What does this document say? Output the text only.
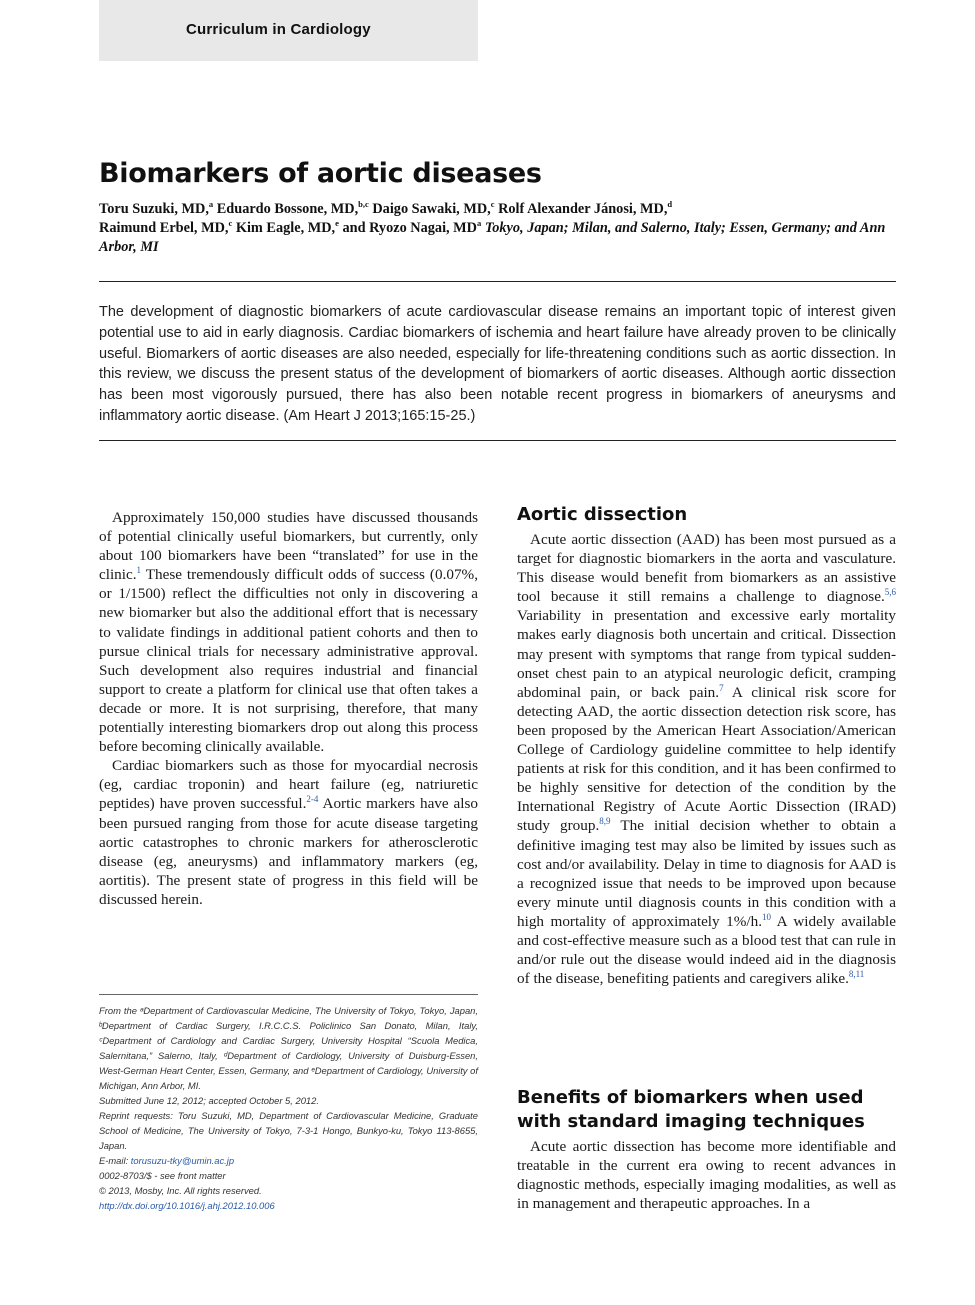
Curriculum in Cardiology
Biomarkers of aortic diseases
Toru Suzuki, MD,$^a$ Eduardo Bossone, MD,$^{b,c}$ Daigo Sawaki, MD,$^c$ Rolf Alexander Jánosi, MD,$^d$
Raimund Erbel, MD,$^c$ Kim Eagle, MD,$^e$ and Ryozo Nagai, $MD^a$ Tokyo, Japan; Milan, and Salerno, Italy; Essen, Germany; and Ann Arbor, MI

The development of diagnostic biomarkers of acute cardiovascular disease remains an important topic of interest given potential use to aid in early diagnosis. Cardiac biomarkers of ischemia and heart failure have already proven to be clinically useful. Biomarkers of aortic diseases are also needed, especially for life-threatening conditions such as aortic dissection. In this review, we discuss the present status of the development of biomarkers of aortic diseases. Although aortic dissection has been most vigorously pursued, there has also been notable recent progress in biomarkers of aneurysms and inflammatory aortic disease. (Am Heart J 2013;165:15-25.)

Approximately 150,000 studies have discussed thousands of potential clinically useful biomarkers, but currently, only about 100 biomarkers have been “translated” for use in the clinic.$^1$ These tremendously difficult odds of success (0.07%, or 1/1500) reflect the difficulties not only in discovering a new biomarker but also the additional effort that is necessary to validate findings in additional patient cohorts and then to pursue clinical trials for necessary administrative approval. Such development also requires industrial and financial support to create a platform for clinical use that often takes a decade or more. It is not surprising, therefore, that many potentially interesting biomarkers drop out along this process before becoming clinically available.

Cardiac biomarkers such as those for myocardial necrosis (eg, cardiac troponin) and heart failure (eg, natriuretic peptides) have proven successful.$^{2-4}$ Aortic markers have also been pursued ranging from those for acute disease targeting aortic catastrophes to chronic markers for atherosclerotic disease (eg, aneurysms) and inflammatory markers (eg, aortitis). The present state of progress in this field will be discussed herein.

Aortic dissection

Acute aortic dissection (AAD) has been most pursued as a target for diagnostic biomarkers in the aorta and vasculature. This disease would benefit from biomarkers as an assistive tool because it still remains a challenge to diagnose.$^{5,6}$ Variability in presentation and excessive early mortality makes early diagnosis both uncertain and critical. Dissection may present with symptoms that range from typical sudden-onset chest pain to an atypical neurologic deficit, cramping abdominal pain, or back pain.$^7$ A clinical risk score for detecting AAD, the aortic dissection detection risk score, has been proposed by the American Heart Association/American College of Cardiology guideline committee to help identify patients at risk for this condition, and it has been confirmed to be highly sensitive for detection of the condition by the International Registry of Acute Aortic Dissection (IRAD) study group.$^{8,9}$ The initial decision whether to obtain a definitive imaging test may also be limited by issues such as cost and/or availability. Delay in time to diagnosis for AAD is a recognized issue that needs to be improved upon because every minute until diagnosis counts in this condition with a high mortality of approximately 1%/h.$^{10}$ A widely available and cost-effective measure such as a blood test that can rule in and/or rule out the disease would indeed aid in the diagnosis of the disease, benefiting patients and caregivers alike.$^{8,11}$

Benefits of biomarkers when used with standard imaging techniques

Acute aortic dissection has become more identifiable and treatable in the current era owing to recent advances in diagnostic methods, especially imaging modalities, as well as in management and therapeutic approaches. In a

From the ᵃDepartment of Cardiovascular Medicine, The University of Tokyo, Tokyo, Japan, ᵇDepartment of Cardiac Surgery, I.R.C.C.S. Policlinico San Donato, Milan, Italy, ᶜDepartment of Cardiology and Cardiac Surgery, University Hospital “Scuola Medica, Salernitana,” Salerno, Italy, ᵈDepartment of Cardiology, University of Duisburg-Essen, West-German Heart Center, Essen, Germany, and ᵉDepartment of Cardiology, University of Michigan, Ann Arbor, MI.
Submitted June 12, 2012; accepted October 5, 2012.
Reprint requests: Toru Suzuki, MD, Department of Cardiovascular Medicine, Graduate School of Medicine, The University of Tokyo, 7-3-1 Hongo, Bunkyo-ku, Tokyo 113-8655, Japan.
E-mail: torusuzu-tky@umin.ac.jp
0002-8703/$ - see front matter
© 2013, Mosby, Inc. All rights reserved.
http://dx.doi.org/10.1016/j.ahj.2012.10.006
